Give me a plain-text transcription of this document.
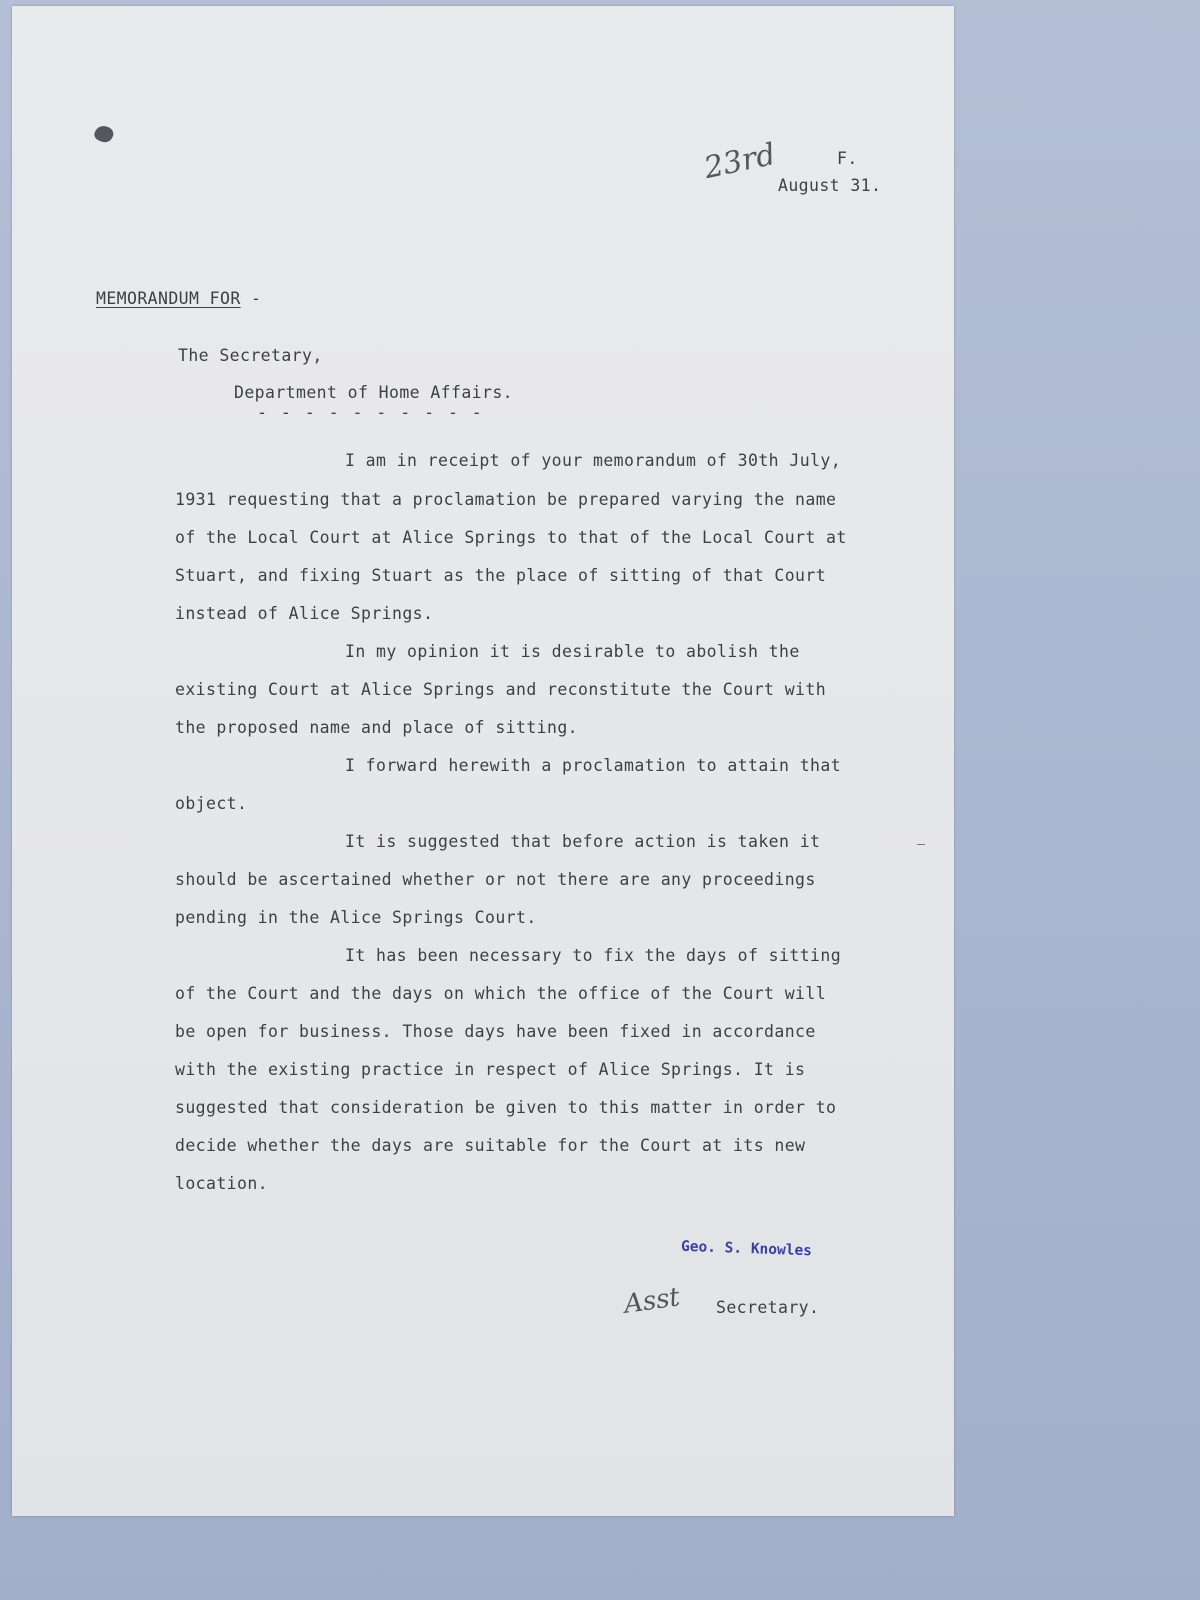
23rd	F.

August 31.

MEMORANDUM FOR -

The Secretary,

Department of Home Affairs.

- - - - - - - - - -

I am in receipt of your memorandum of 30th July,

1931 requesting that a proclamation be prepared varying the name

of the Local Court at Alice Springs to that of the Local Court at

Stuart, and fixing Stuart as the place of sitting of that Court

instead of Alice Springs.

In my opinion it is desirable to abolish the

existing Court at Alice Springs and reconstitute the Court with

the proposed name and place of sitting.

I forward herewith a proclamation to attain that

object.

It is suggested that before action is taken it

should be ascertained whether or not there are any proceedings

pending in the Alice Springs Court.

It has been necessary to fix the days of sitting

of the Court and the days on which the office of the Court will

be open for business. Those days have been fixed in accordance

with the existing practice in respect of Alice Springs. It is

suggested that consideration be given to this matter in order to

decide whether the days are suitable for the Court at its new

location.

Geo. S. Knowles
Asst Secretary.
